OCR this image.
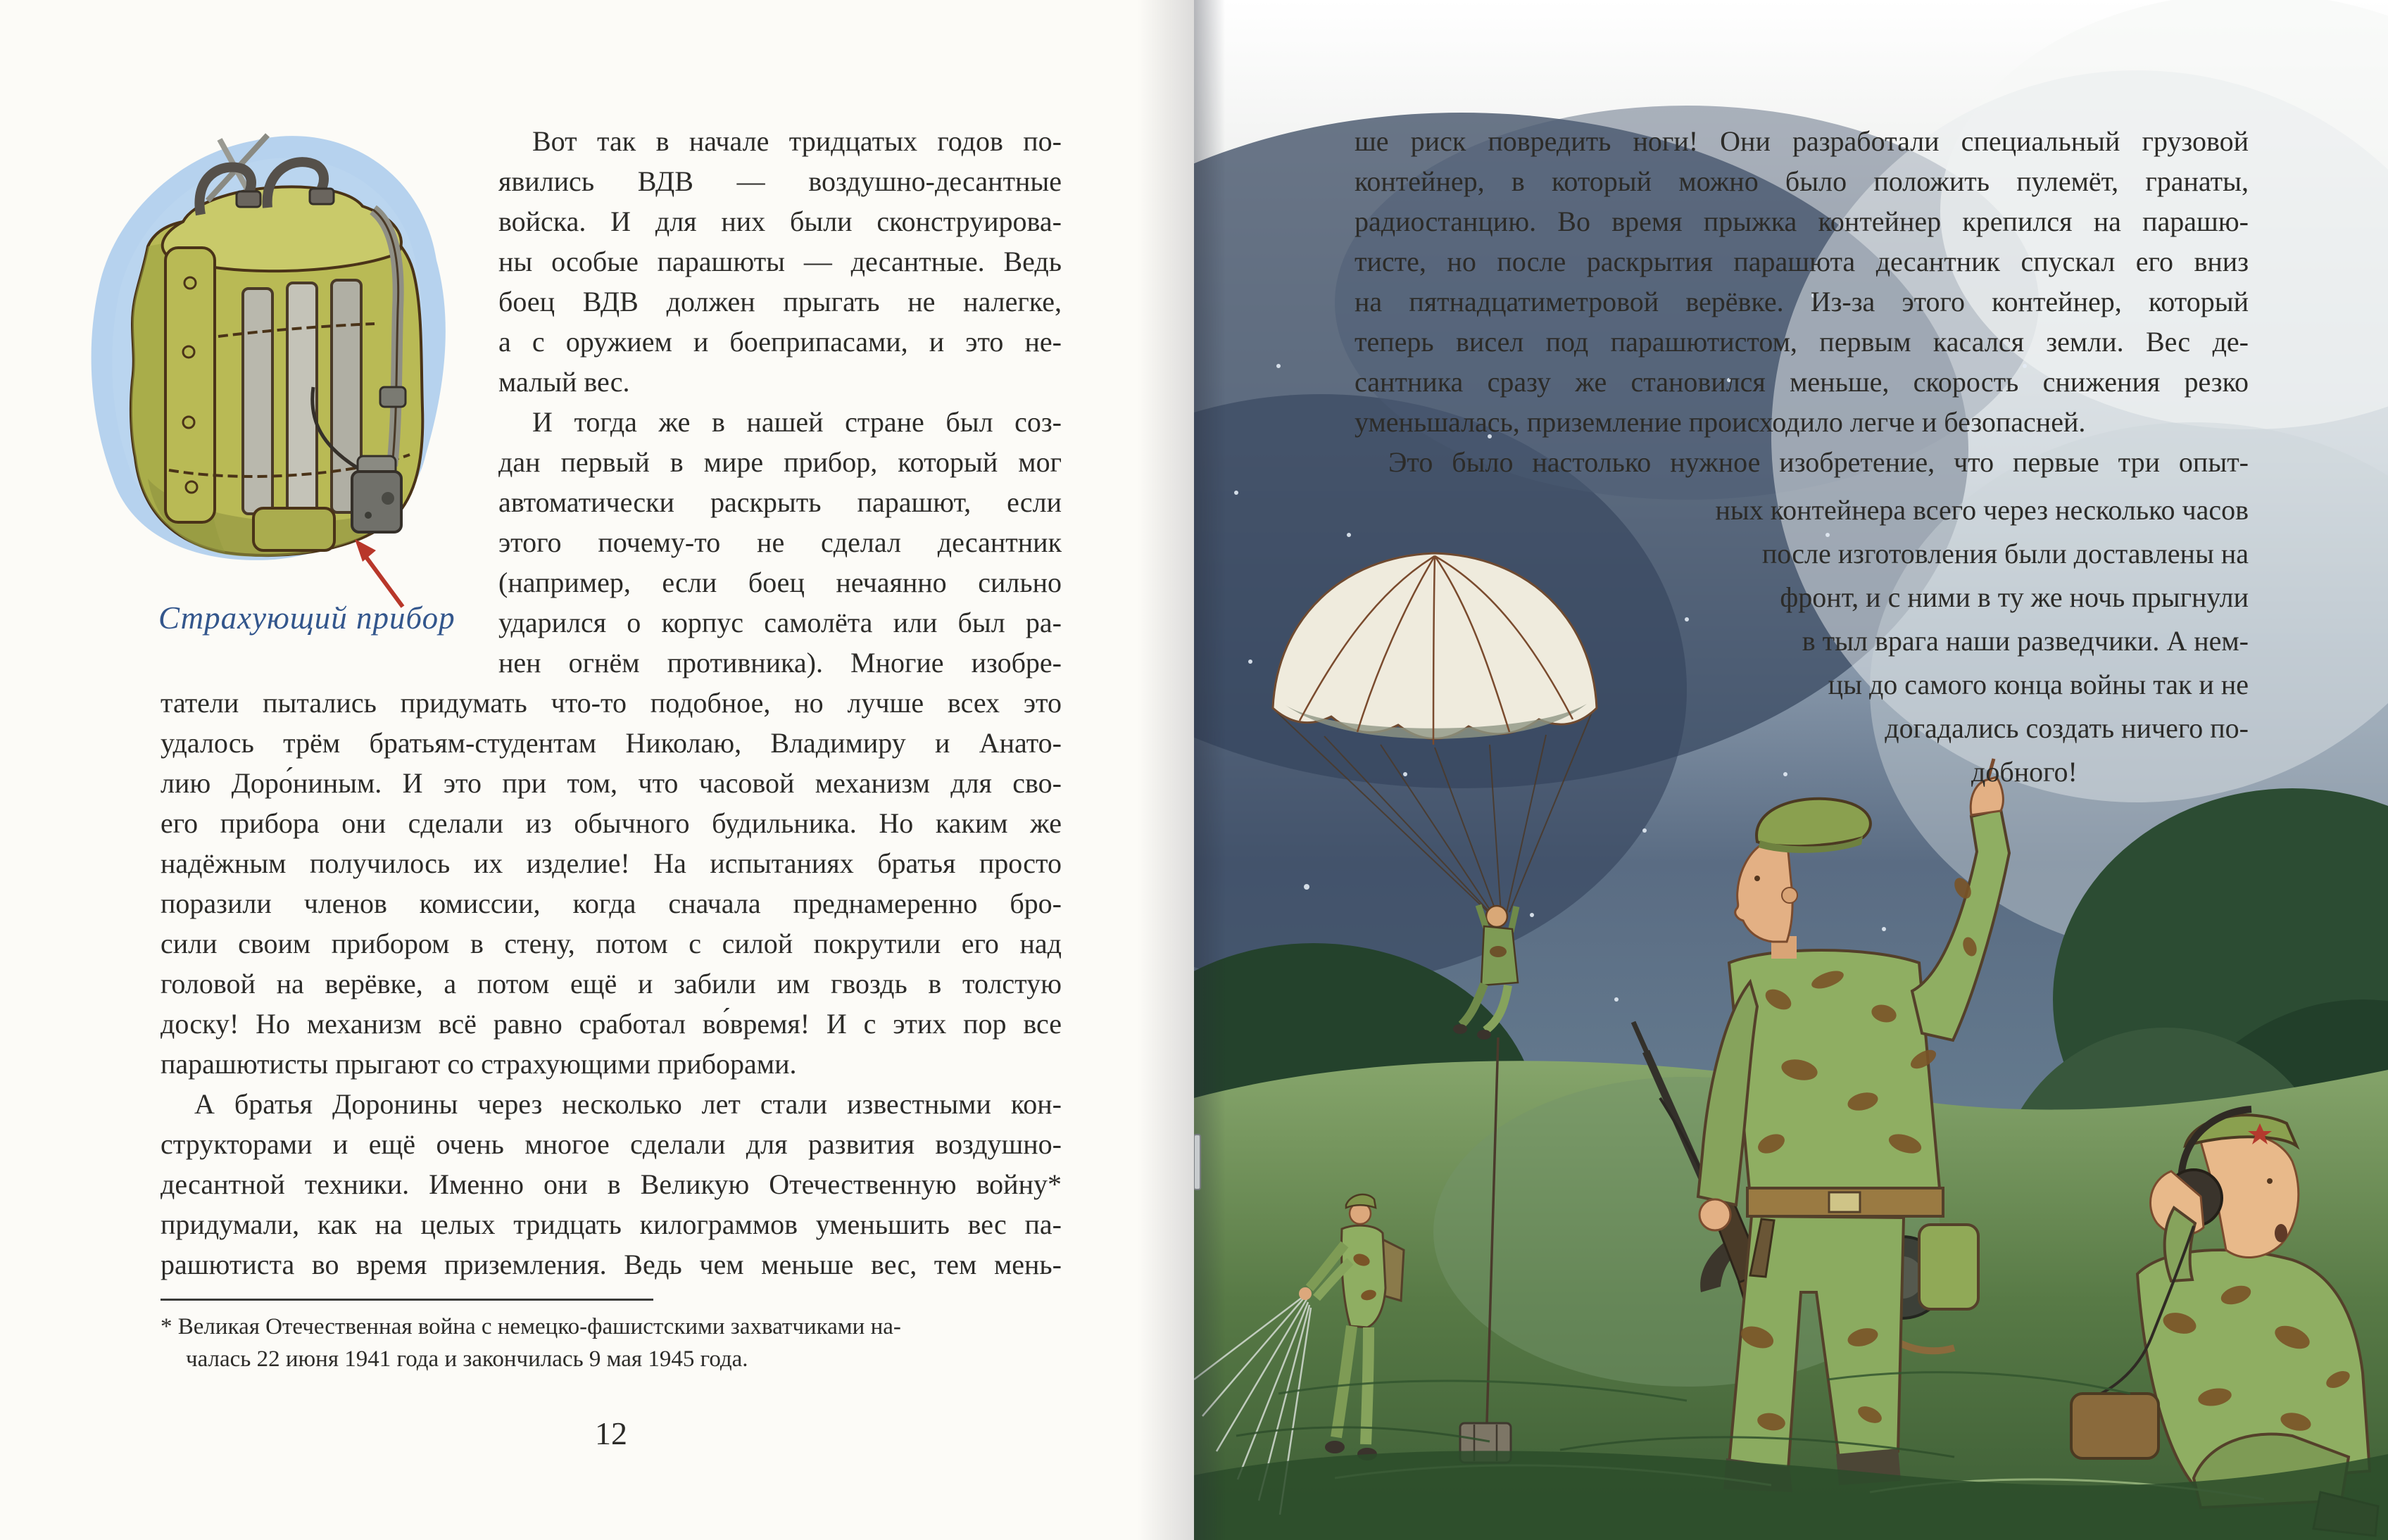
Страхующий прибор
Вот так в начале тридцатых годов по-
явились ВДВ — воздушно-десантные
войска. И для них были сконструирова-
ны особые парашюты — десантные. Ведь
боец ВДВ должен прыгать не налегке,
а с оружием и боеприпасами, и это не-
малый вес.
И тогда же в нашей стране был соз-
дан первый в мире прибор, который мог
автоматически раскрыть парашют, если
этого почему-то не сделал десантник
(например, если боец нечаянно сильно
ударился о корпус самолёта или был ра-
нен огнём противника). Многие изобре-
татели пытались придумать что-то подобное, но лучше всех это
удалось трём братьям-студентам Николаю, Владимиру и Анато-
лию Доро́ниным. И это при том, что часовой механизм для сво-
его прибора они сделали из обычного будильника. Но каким же
надёжным получилось их изделие! На испытаниях братья просто
поразили членов комиссии, когда сначала преднамеренно бро-
сили своим прибором в стену, потом с силой покрутили его над
головой на верёвке, а потом ещё и забили им гвоздь в толстую
доску! Но механизм всё равно сработал во́время! И с этих пор все
парашютисты прыгают со страхующими приборами.
А братья Доронины через несколько лет стали известными кон-
структорами и ещё очень многое сделали для развития воздушно-
десантной техники. Именно они в Великую Отечественную войну*
придумали, как на целых тридцать килограммов уменьшить вес па-
рашютиста во время приземления. Ведь чем меньше вес, тем мень-
* Великая Отечественная война с немецко-фашистскими захватчиками на-
чалась 22 июня 1941 года и закончилась 9 мая 1945 года.
12
ше риск повредить ноги! Они разработали специальный грузовой
контейнер, в который можно было положить пулемёт, гранаты,
радиостанцию. Во время прыжка контейнер крепился на парашю-
тисте, но после раскрытия парашюта десантник спускал его вниз
на пятнадцатиметровой верёвке. Из-за этого контейнер, который
теперь висел под парашютистом, первым касался земли. Вес де-
сантника сразу же становился меньше, скорость снижения резко
уменьшалась, приземление происходило легче и безопасней.
Это было настолько нужное изобретение, что первые три опыт-
ных контейнера всего через несколько часов
после изготовления были доставлены на
фронт, и с ними в ту же ночь прыгнули
в тыл врага наши разведчики. А нем-
цы до самого конца войны так и не
догадались создать ничего по-
добного!
